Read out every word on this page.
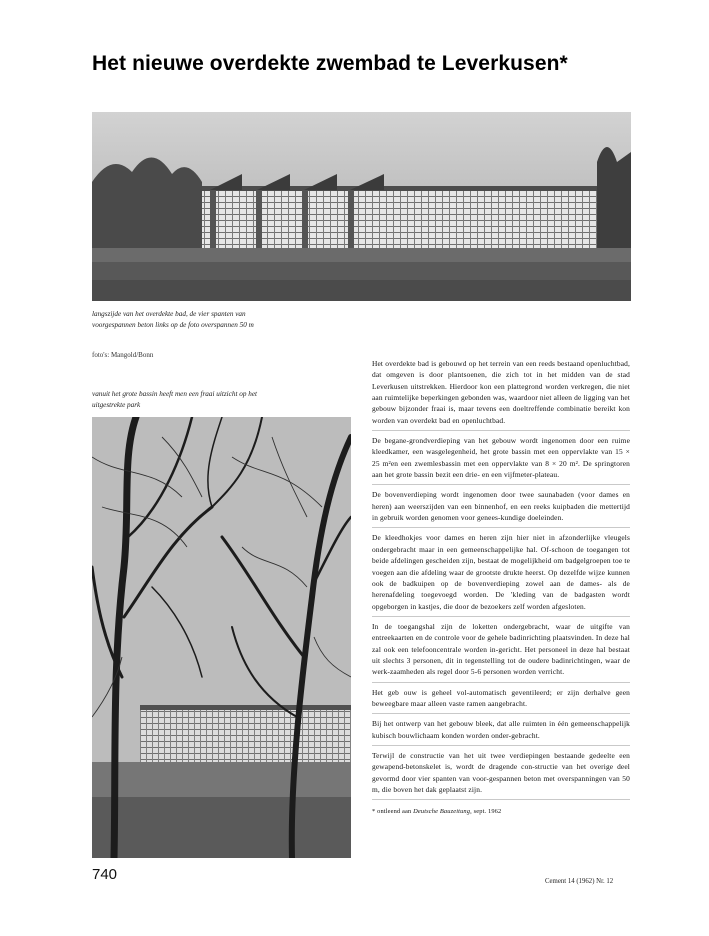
Het nieuwe overdekte zwembad te Leverkusen*
langszijde van het overdekte bad, de vier spanten van voorgespannen beton links op de foto overspannen 50 m
foto's: Mangold/Bonn
vanuit het grote bassin heeft men een fraai uitzicht op het uitgestrekte park

Het overdekte bad is gebouwd op het terrein van een reeds bestaand openluchtbad, dat omgeven is door plantsoenen, die zich tot in het midden van de stad Leverkusen uitstrekken. Hierdoor kon een plattegrond worden verkregen, die niet aan ruimtelijke beperkingen gebonden was, waardoor niet alleen de ligging van het gebouw bijzonder fraai is, maar tevens een doeltreffende combinatie bereikt kon worden van overdekt bad en openluchtbad.

De begane-grondverdieping van het gebouw wordt ingenomen door een ruime kleedkamer, een wasgelegenheid, het grote bassin met een oppervlakte van 15 × 25 m²en een zwemlesbassin met een oppervlakte van 8 × 20 m². De springtoren aan het grote bassin bezit een drie- en een vijfmeter-plateau.

De bovenverdieping wordt ingenomen door twee saunabaden (voor dames en heren) aan weerszijden van een binnenhof, en een reeks kuipbaden die mettertijd in gebruik worden genomen voor genees-kundige doeleinden.

De kleedhokjes voor dames en heren zijn hier niet in afzonderlijke vleugels ondergebracht maar in een gemeenschappelijke hal. Of-schoon de toegangen tot beide afdelingen gescheiden zijn, bestaat de mogelijkheid om badgelgroepen toe te voegen aan die afdeling waar de grootste drukte heerst. Op dezelfde wijze kunnen ook de badkuipen op de bovenverdieping zowel aan de dames- als de herenafdeling toegevoegd worden. De 'kleding van de badgasten wordt opgeborgen in kastjes, die door de bezoekers zelf worden afgesloten.

In de toegangshal zijn de loketten ondergebracht, waar de uitgifte van entreekaarten en de controle voor de gehele badinrichting plaatsvinden. In deze hal zal ook een telefooncentrale worden in-gericht. Het personeel in deze hal bestaat uit slechts 3 personen, dit in tegenstelling tot de oudere badinrichtingen, waar de werk-zaamheden als regel door 5-6 personen worden verricht.

Het geb ouw is geheel vol-automatisch geventileerd; er zijn derhalve geen beweegbare maar alleen vaste ramen aangebracht.

Bij het ontwerp van het gebouw bleek, dat alle ruimten in één gemeenschappelijk kubisch bouwlichaam konden worden onder-gebracht.

Terwijl de constructie van het uit twee verdiepingen bestaande gedeelte een gewapend-betonskelet is, wordt de dragende con-structie van het overige deel gevormd door vier spanten van voor-gespannen beton met overspanningen van 50 m, die boven het dak geplaatst zijn.

* ontleend aan Deutsche Bauzeitung, sept. 1962
740	Cement 14 (1962) Nr. 12
